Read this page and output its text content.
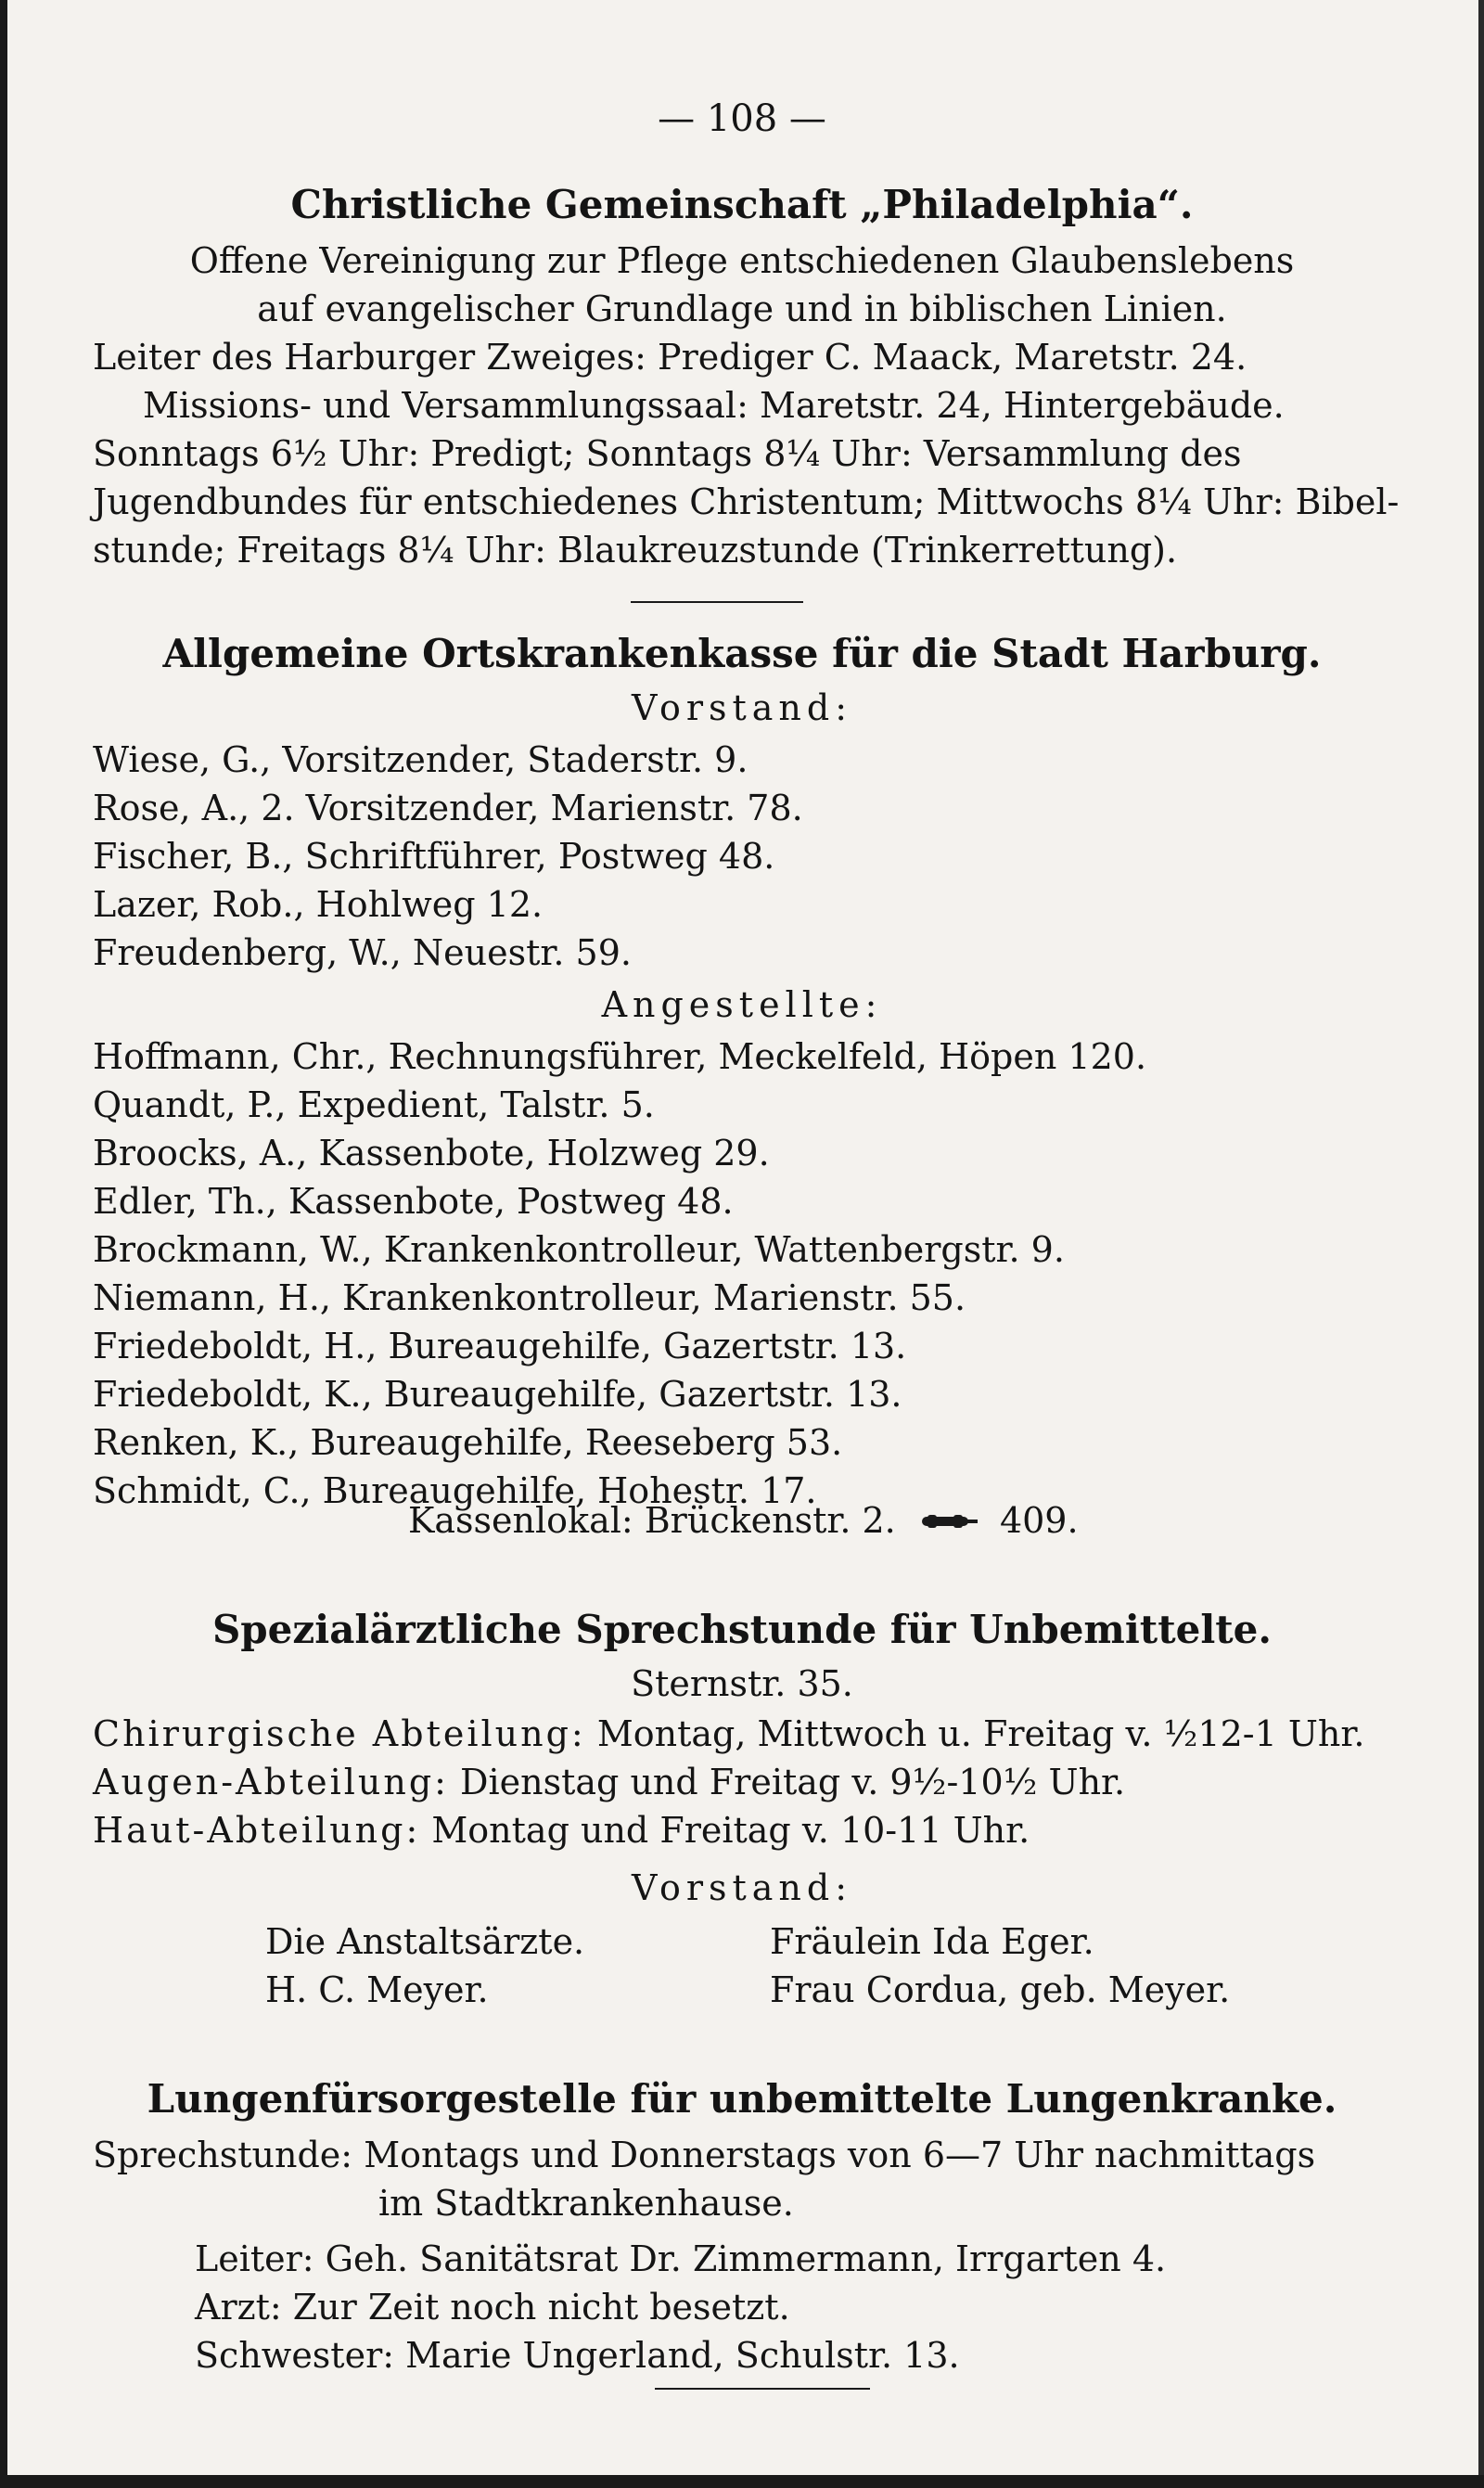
— 108 —
Christliche Gemeinschaft „Philadelphia“.
Offene Vereinigung zur Pflege entschiedenen Glaubenslebens
auf evangelischer Grundlage und in biblischen Linien.
Leiter des Harburger Zweiges: Prediger C. Maack, Maretstr. 24.
Missions- und Versammlungssaal: Maretstr. 24, Hintergebäude.
Sonntags 6½ Uhr: Predigt; Sonntags 8¼ Uhr: Versammlung des
Jugendbundes für entschiedenes Christentum; Mittwochs 8¼ Uhr: Bibel-
stunde; Freitags 8¼ Uhr: Blaukreuzstunde (Trinkerrettung).
Allgemeine Ortskrankenkasse für die Stadt Harburg.
Vorstand:
Wiese, G., Vorsitzender, Staderstr. 9.
Rose, A., 2. Vorsitzender, Marienstr. 78.
Fischer, B., Schriftführer, Postweg 48.
Lazer, Rob., Hohlweg 12.
Freudenberg, W., Neuestr. 59.
Angestellte:
Hoffmann, Chr., Rechnungsführer, Meckelfeld, Höpen 120.
Quandt, P., Expedient, Talstr. 5.
Broocks, A., Kassenbote, Holzweg 29.
Edler, Th., Kassenbote, Postweg 48.
Brockmann, W., Krankenkontrolleur, Wattenbergstr. 9.
Niemann, H., Krankenkontrolleur, Marienstr. 55.
Friedeboldt, H., Bureaugehilfe, Gazertstr. 13.
Friedeboldt, K., Bureaugehilfe, Gazertstr. 13.
Renken, K., Bureaugehilfe, Reeseberg 53.
Schmidt, C., Bureaugehilfe, Hohestr. 17.
Kassenlokal: Brückenstr. 2.	409.
Spezialärztliche Sprechstunde für Unbemittelte.
Sternstr. 35.
Chirurgische Abteilung: Montag, Mittwoch u. Freitag v. ½12-1 Uhr.
Augen-Abteilung: Dienstag und Freitag v. 9½-10½ Uhr.
Haut-Abteilung: Montag und Freitag v. 10-11 Uhr.
Vorstand:
Die Anstaltsärzte.
H. C. Meyer.
Fräulein Ida Eger.
Frau Cordua, geb. Meyer.
Lungenfürsorgestelle für unbemittelte Lungenkranke.
Sprechstunde: Montags und Donnerstags von 6—7 Uhr nachmittags
im Stadtkrankenhause.
Leiter: Geh. Sanitätsrat Dr. Zimmermann, Irrgarten 4.
Arzt: Zur Zeit noch nicht besetzt.
Schwester: Marie Ungerland, Schulstr. 13.
